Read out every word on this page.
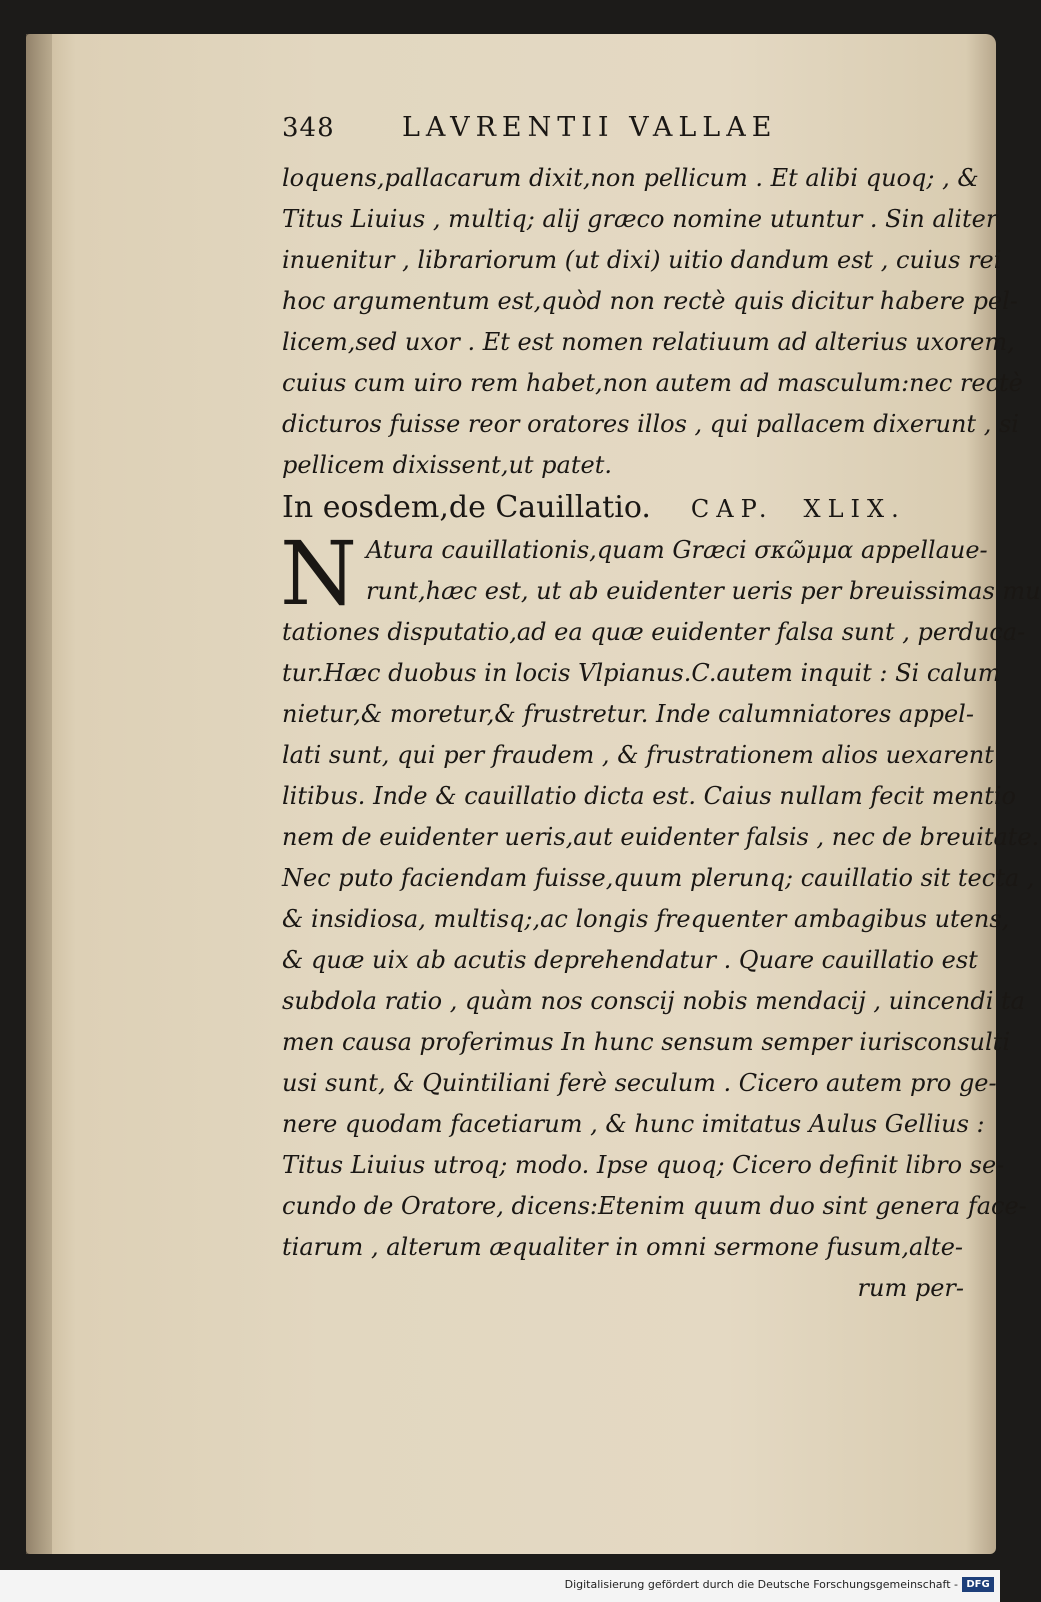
348	LAVRENTII VALLAE
loquens,pallacarum dixit,non pellicum . Et alibi quoq; , &
Titus Liuius , multiq; alij græco nomine utuntur . Sin aliter
inuenitur , librariorum (ut dixi) uitio dandum est , cuius rei
hoc argumentum est,quòd non rectè quis dicitur habere pel-
licem,sed uxor . Et est nomen relatiuum ad alterius uxorem,
cuius cum uiro rem habet,non autem ad masculum:nec rectè
dicturos fuisse reor oratores illos , qui pallacem dixerunt , si
pellicem dixissent,ut patet.
In eosdem,de Cauillatio. CAP. XLIX.
N Atura cauillationis,quam Græci σκῶμμα appellaue-
runt,hæc est, ut ab euidenter ueris per breuissimas mu
tationes disputatio,ad ea quæ euidenter falsa sunt , perduca-
tur.Hæc duobus in locis Vlpianus.C.autem inquit : Si calum
nietur,& moretur,& frustretur. Inde calumniatores appel-
lati sunt, qui per fraudem , & frustrationem alios uexarent
litibus. Inde & cauillatio dicta est. Caius nullam fecit mentio
nem de euidenter ueris,aut euidenter falsis , nec de breuitate.
Nec puto faciendam fuisse,quum plerunq; cauillatio sit tecta ,
& insidiosa, multisq;,ac longis frequenter ambagibus utens,
& quæ uix ab acutis deprehendatur . Quare cauillatio est
subdola ratio , quàm nos conscij nobis mendacij , uincendi ta
men causa proferimus In hunc sensum semper iurisconsulti
usi sunt, & Quintiliani ferè seculum . Cicero autem pro ge-
nere quodam facetiarum , & hunc imitatus Aulus Gellius :
Titus Liuius utroq; modo. Ipse quoq; Cicero definit libro se-
cundo de Oratore, dicens:Etenim quum duo sint genera face-
tiarum , alterum æqualiter in omni sermone fusum,alte-
rum per-
Digitalisierung gefördert durch die Deutsche Forschungsgemeinschaft - DFG
